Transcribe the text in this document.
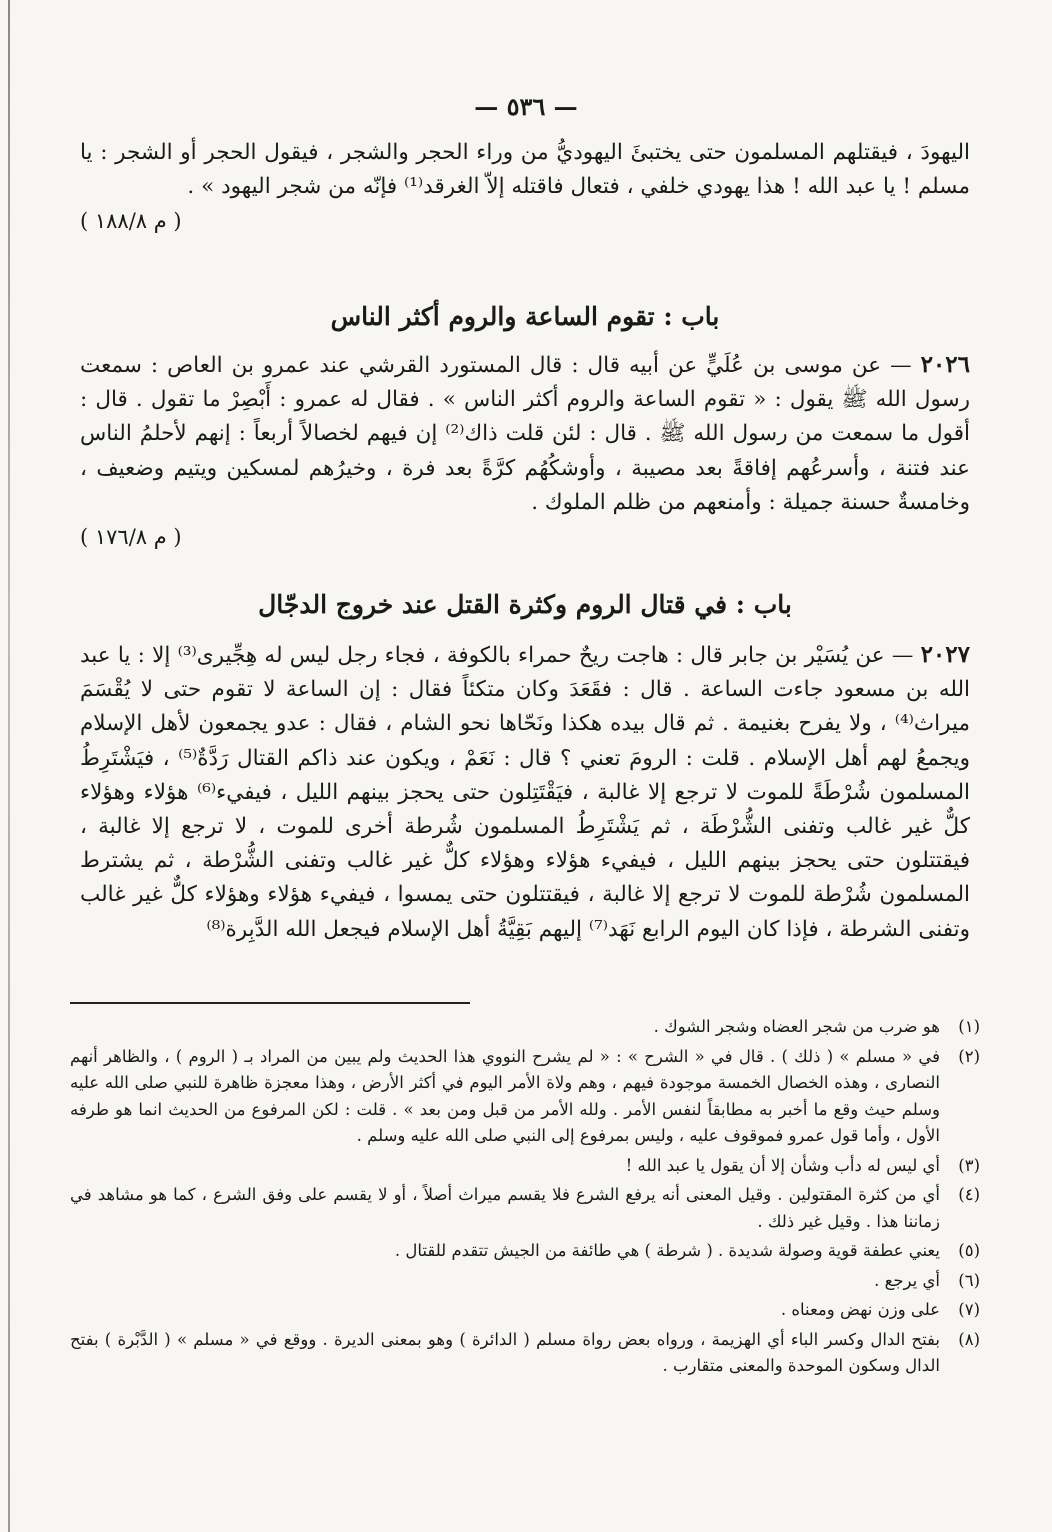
— ٥٣٦ —

اليهودَ ، فيقتلهم المسلمون حتى يختبئَ اليهوديُّ من وراء الحجر والشجر ، فيقول الحجر أو الشجر : يا مسلم ! يا عبد الله ! هذا يهودي خلفي ، فتعال فاقتله إلاّ الغرقد⁽¹⁾ فإنّه من شجر اليهود » .

( م ١٨٨/٨ )
باب : تقوم الساعة والروم أكثر الناس

٢٠٢٦ — عن موسى بن عُلَيٍّ عن أبيه قال : قال المستورد القرشي عند عمرو بن العاص : سمعت رسول الله ﷺ يقول : « تقوم الساعة والروم أكثر الناس » . فقال له عمرو : أَبْصِرْ ما تقول . قال : أقول ما سمعت من رسول الله ﷺ . قال : لئن قلت ذاك⁽²⁾ إن فيهم لخصالاً أربعاً : إنهم لأحلمُ الناس عند فتنة ، وأسرعُهم إفاقةً بعد مصيبة ، وأوشكُهُم كرَّةً بعد فرة ، وخيرُهم لمسكين ويتيم وضعيف ، وخامسةٌ حسنة جميلة : وأمنعهم من ظلم الملوك .

( م ١٧٦/٨ )
باب : في قتال الروم وكثرة القتل عند خروج الدجّال

٢٠٢٧ — عن يُسَيْر بن جابر قال : هاجت ريحٌ حمراء بالكوفة ، فجاء رجل ليس له هِجِّيرى⁽³⁾ إلا : يا عبد الله بن مسعود جاءت الساعة . قال : فقَعَدَ وكان متكئاً فقال : إن الساعة لا تقوم حتى لا يُقْسَمَ ميراث⁽⁴⁾ ، ولا يفرح بغنيمة . ثم قال بيده هكذا ونَحّاها نحو الشام ، فقال : عدو يجمعون لأهل الإسلام ويجمعُ لهم أهل الإسلام . قلت : الرومَ تعني ؟ قال : نَعَمْ ، ويكون عند ذاكم القتال رَدَّةٌ⁽⁵⁾ ، فيَشْتَرِطُ المسلمون شُرْطَةً للموت لا ترجع إلا غالبة ، فيَقْتَتِلون حتى يحجز بينهم الليل ، فيفيء⁽⁶⁾ هؤلاء وهؤلاء كلٌّ غير غالب وتفنى الشُّرْطَة ، ثم يَشْتَرِطُ المسلمون شُرطة أخرى للموت ، لا ترجع إلا غالبة ، فيقتتلون حتى يحجز بينهم الليل ، فيفيء هؤلاء وهؤلاء كلٌّ غير غالب وتفنى الشُّرْطة ، ثم يشترط المسلمون شُرْطة للموت لا ترجع إلا غالبة ، فيقتتلون حتى يمسوا ، فيفيء هؤلاء وهؤلاء كلٌّ غير غالب وتفنى الشرطة ، فإذا كان اليوم الرابع نَهَد⁽⁷⁾ إليهم بَقِيَّةُ أهل الإسلام فيجعل الله الدَّبِرة⁽⁸⁾

(١)
هو ضرب من شجر العضاه وشجر الشوك .
(٢)
في « مسلم » ( ذلك ) . قال في « الشرح » : « لم يشرح النووي هذا الحديث ولم يبين من المراد بـ ( الروم ) ، والظاهر أنهم النصارى ، وهذه الخصال الخمسة موجودة فيهم ، وهم ولاة الأمر اليوم في أكثر الأرض ، وهذا معجزة ظاهرة للنبي صلى الله عليه وسلم حيث وقع ما أخبر به مطابقاً لنفس الأمر . ولله الأمر من قبل ومن بعد » . قلت : لكن المرفوع من الحديث انما هو طرفه الأول ، وأما قول عمرو فموقوف عليه ، وليس بمرفوع إلى النبي صلى الله عليه وسلم .
(٣)
أي ليس له دأب وشأن إلا أن يقول يا عبد الله !
(٤)
أي من كثرة المقتولين . وقيل المعنى أنه يرفع الشرع فلا يقسم ميراث أصلاً ، أو لا يقسم على وفق الشرع ، كما هو مشاهد في زماننا هذا . وقيل غير ذلك .
(٥)
يعني عطفة قوية وصولة شديدة . ( شرطة ) هي طائفة من الجيش تتقدم للقتال .
(٦)
أي يرجع .
(٧)
على وزن نهض ومعناه .
(٨)
بفتح الدال وكسر الباء أي الهزيمة ، ورواه بعض رواة مسلم ( الدائرة ) وهو بمعنى الديرة . ووقع في « مسلم » ( الدَّبْرة ) بفتح الدال وسكون الموحدة والمعنى متقارب .
